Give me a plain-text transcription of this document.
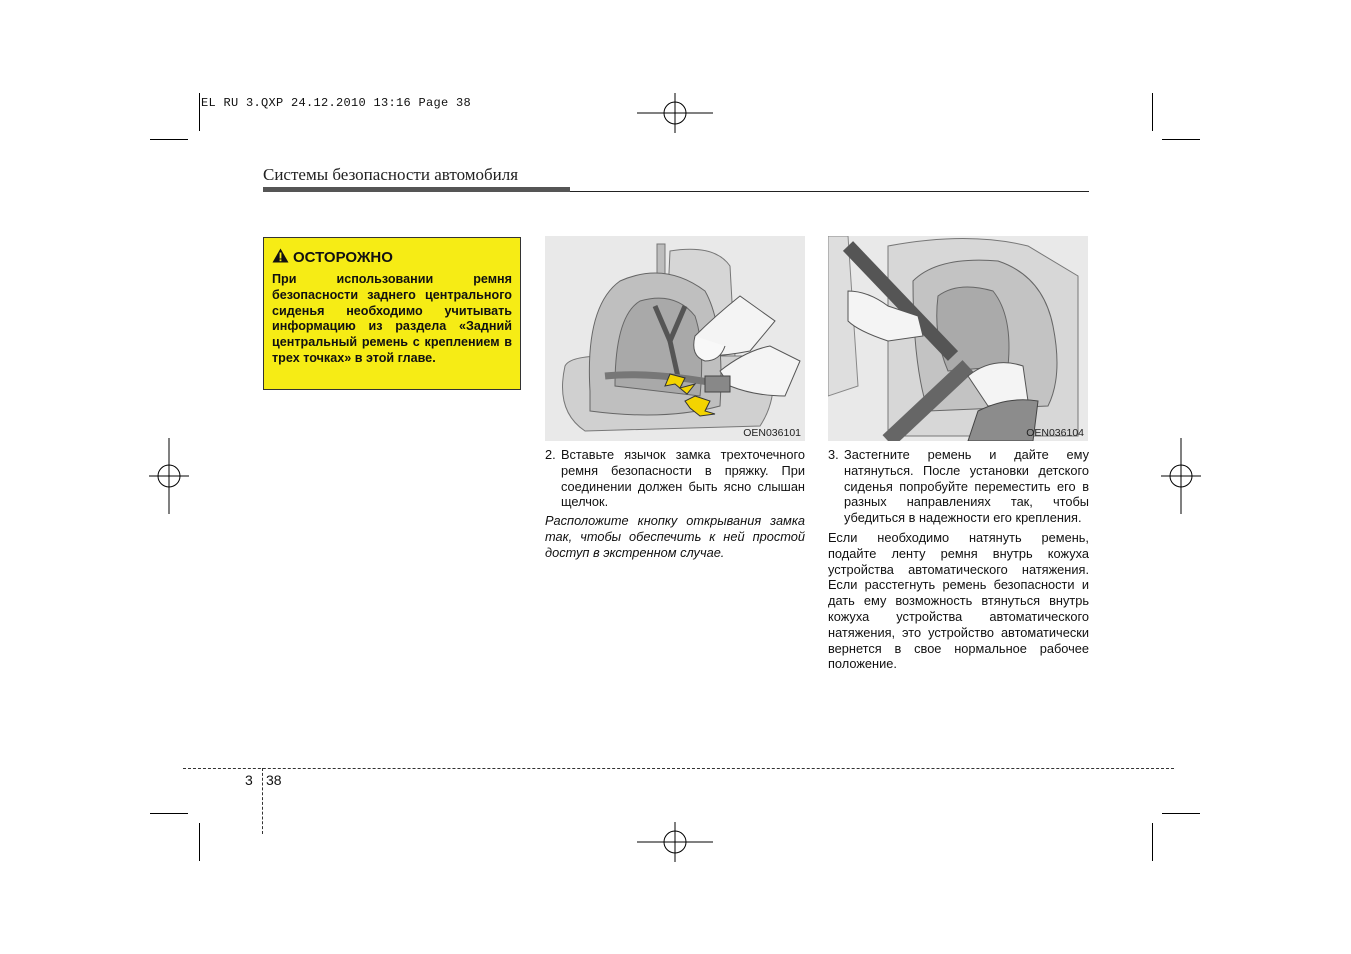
EL RU 3.QXP 24.12.2010 13:16 Page 38
Системы безопасности автомобиля
ОСТОРОЖНО
При использовании ремня безопасности заднего центрального сиденья необходимо учитывать информацию из раздела «Задний центральный ремень с креплением в трех точках» в этой главе.
OEN036101	OEN036104
2. Вставьте язычок замка трехточечного ремня безопасности в пряжку. При соединении должен быть ясно слышан щелчок.
Расположите кнопку открывания замка так, чтобы обеспечить к ней простой доступ в экстренном случае.
3. Застегните ремень и дайте ему натянуться. После установки детского сиденья попробуйте переместить его в разных направлениях так, чтобы убедиться в надежности его крепления.
Если необходимо натянуть ремень, подайте ленту ремня внутрь кожуха устройства автоматического натяжения. Если расстегнуть ремень безопасности и дать ему возможность втянуться внутрь кожуха устройства автоматического натяжения, это устройство автоматически вернется в свое нормальное рабочее положение.
3 38
